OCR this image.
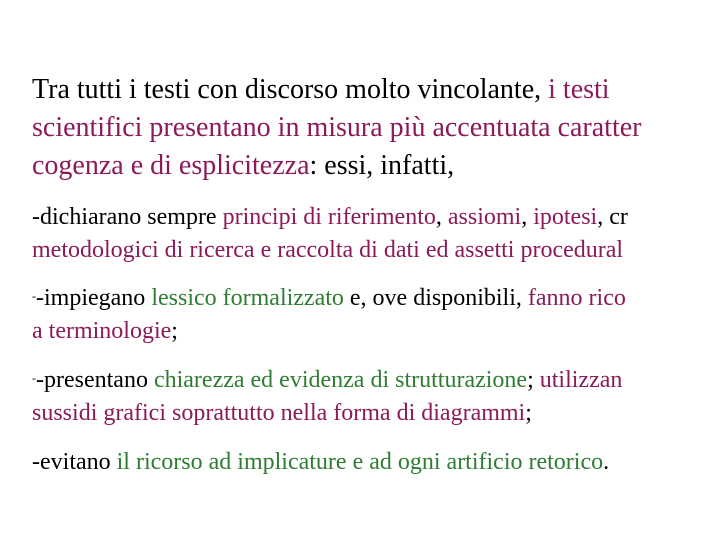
Tra tutti i testi con discorso molto vincolante, i testi
scientifici presentano in misura più accentuata caratter
cogenza e di esplicitezza: essi, infatti,
-dichiarano sempre principi di riferimento, assiomi, ipotesi, cr
metodologici di ricerca e raccolta di dati ed assetti procedural
--impiegano lessico formalizzato e, ove disponibili, fanno rico
a terminologie;
--presentano chiarezza ed evidenza di strutturazione; utilizzan
sussidi grafici soprattutto nella forma di diagrammi;
-evitano il ricorso ad implicature e ad ogni artificio retorico.
